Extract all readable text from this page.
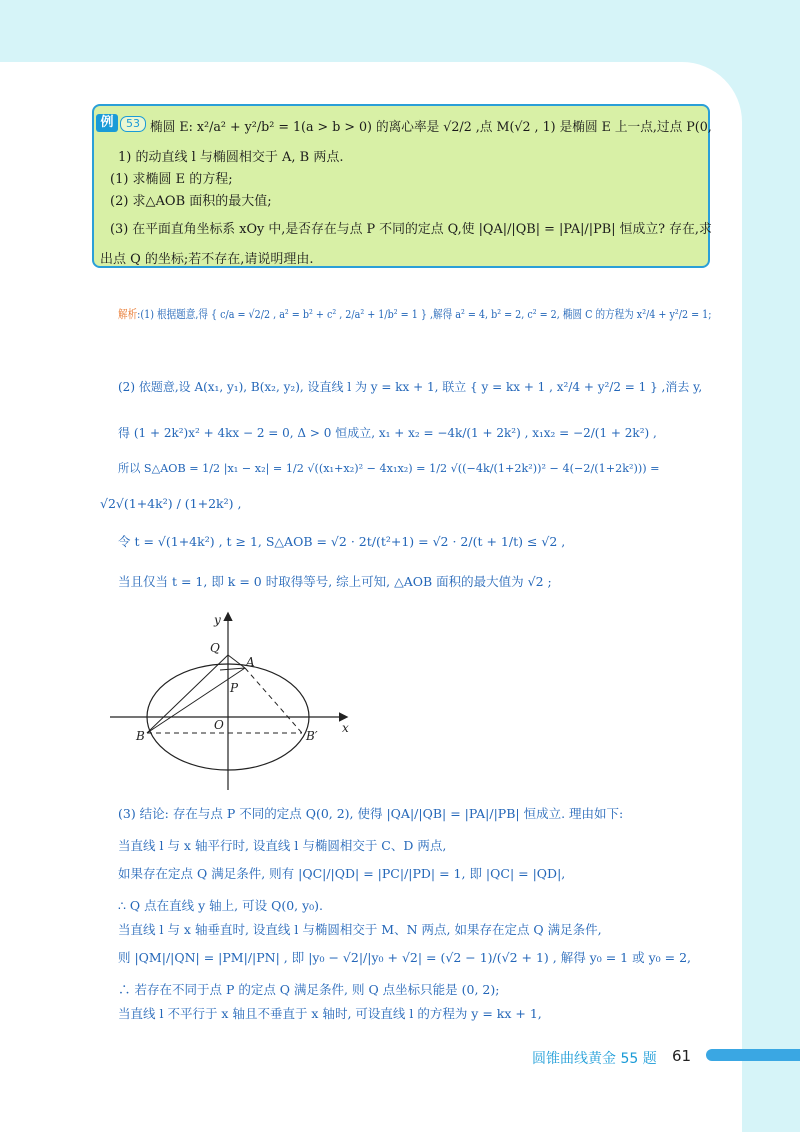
例	53 椭圆 E: x²/a² + y²/b² = 1(a > b > 0) 的离心率是 √2/2 ,点 M(√2 , 1) 是椭圆 E 上一点,过点 P(0,
1) 的动直线 l 与椭圆相交于 A, B 两点.
(1) 求椭圆 E 的方程;
(2) 求△AOB 面积的最大值;
(3) 在平面直角坐标系 xOy 中,是否存在与点 P 不同的定点 Q,使 |QA|/|QB| = |PA|/|PB| 恒成立? 存在,求
出点 Q 的坐标;若不存在,请说明理由.
解析:(1) 根据题意,得 { c/a = √2/2 , a² = b² + c² , 2/a² + 1/b² = 1 } ,解得 a² = 4, b² = 2, c² = 2, 椭圆 C 的方程为 x²/4 + y²/2 = 1;
(2) 依题意,设 A(x₁, y₁), B(x₂, y₂), 设直线 l 为 y = kx + 1, 联立 { y = kx + 1 , x²/4 + y²/2 = 1 } ,消去 y,
得 (1 + 2k²)x² + 4kx − 2 = 0, Δ > 0 恒成立, x₁ + x₂ = −4k/(1 + 2k²) , x₁x₂ = −2/(1 + 2k²) ,
所以 S△AOB = 1/2 |x₁ − x₂| = 1/2 √((x₁+x₂)² − 4x₁x₂) = 1/2 √((−4k/(1+2k²))² − 4(−2/(1+2k²))) =
√2√(1+4k²) / (1+2k²) ,
令 t = √(1+4k²) , t ≥ 1, S△AOB = √2 · 2t/(t²+1) = √2 · 2/(t + 1/t) ≤ √2 ,
当且仅当 t = 1, 即 k = 0 时取得等号, 综上可知, △AOB 面积的最大值为 √2 ;
y
x
Q
A
P
O
B	B′
(3) 结论: 存在与点 P 不同的定点 Q(0, 2), 使得 |QA|/|QB| = |PA|/|PB| 恒成立. 理由如下:
当直线 l 与 x 轴平行时, 设直线 l 与椭圆相交于 C、D 两点,
如果存在定点 Q 满足条件, 则有 |QC|/|QD| = |PC|/|PD| = 1, 即 |QC| = |QD|,
∴ Q 点在直线 y 轴上, 可设 Q(0, y₀).
当直线 l 与 x 轴垂直时, 设直线 l 与椭圆相交于 M、N 两点, 如果存在定点 Q 满足条件,
则 |QM|/|QN| = |PM|/|PN| , 即 |y₀ − √2|/|y₀ + √2| = (√2 − 1)/(√2 + 1) , 解得 y₀ = 1 或 y₀ = 2,
∴ 若存在不同于点 P 的定点 Q 满足条件, 则 Q 点坐标只能是 (0, 2);
当直线 l 不平行于 x 轴且不垂直于 x 轴时, 可设直线 l 的方程为 y = kx + 1,
圆锥曲线黄金 55 题 61
